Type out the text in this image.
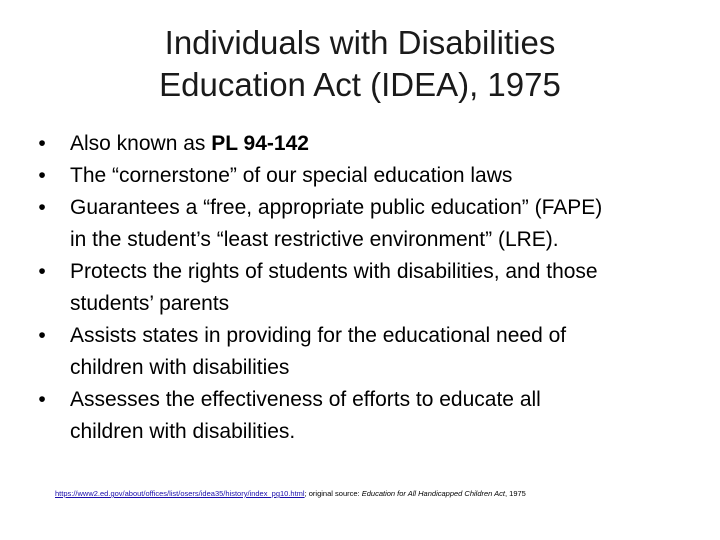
Individuals with Disabilities
Education Act (IDEA), 1975
•	Also known as PL 94-142
•	The “cornerstone” of our special education laws
•	Guarantees a “free, appropriate public education” (FAPE)
in the student’s “least restrictive environment” (LRE).
•	Protects the rights of students with disabilities, and those
students’ parents
•	Assists states in providing for the educational need of
children with disabilities
•	Assesses the effectiveness of efforts to educate all
children with disabilities.
https://www2.ed.gov/about/offices/list/osers/idea35/history/index_pg10.html; original source: Education for All Handicapped Children Act, 1975
